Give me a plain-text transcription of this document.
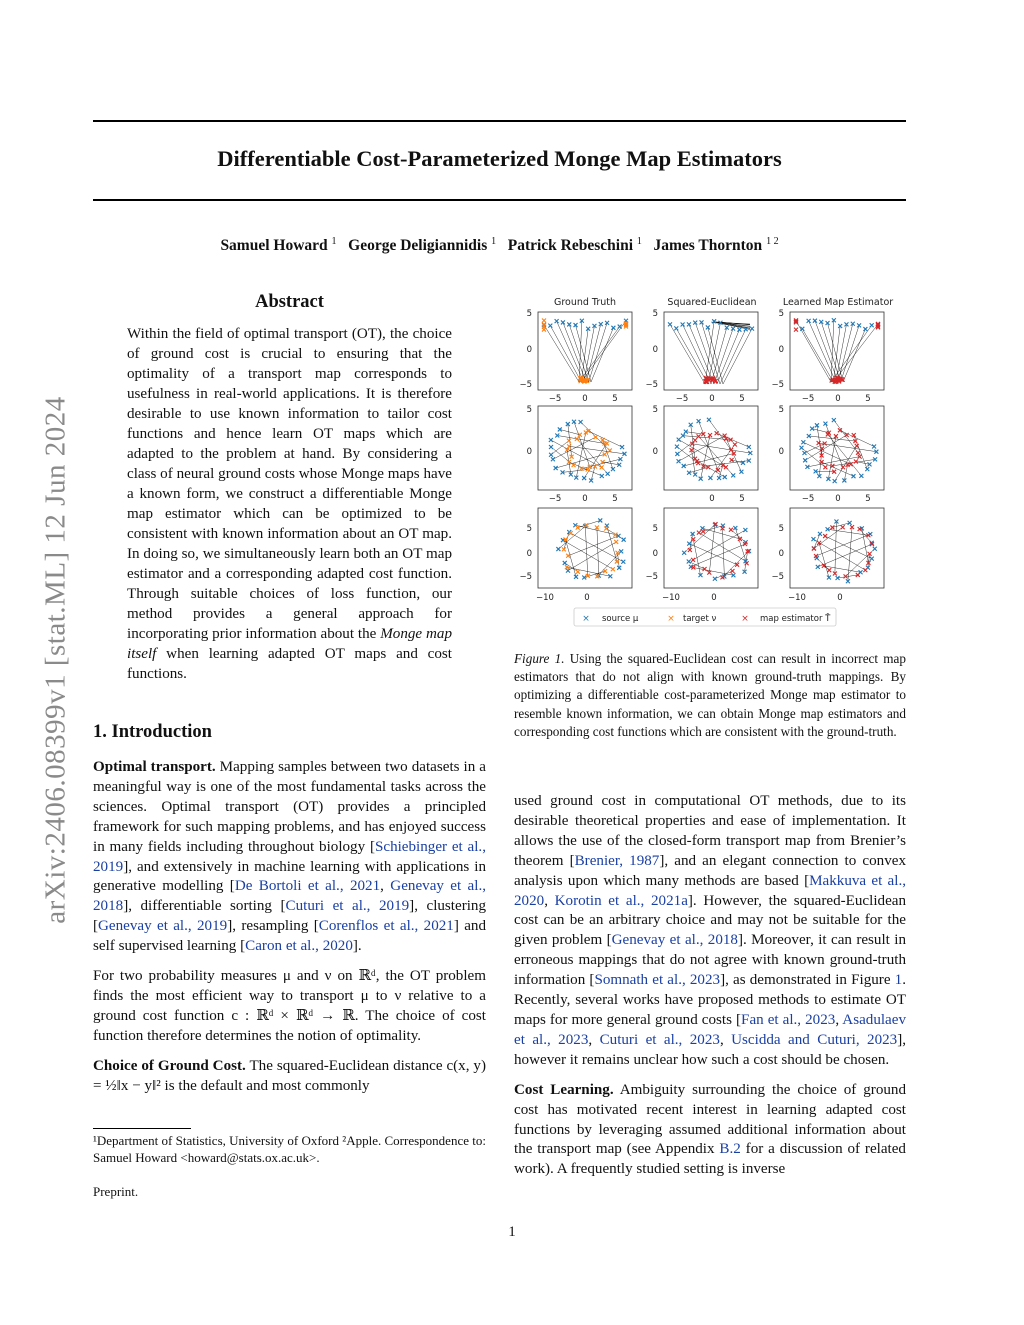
Differentiable Cost-Parameterized Monge Map Estimators
Samuel Howard $^1$ George Deligiannidis $^1$ Patrick Rebeschini $^1$ James Thornton $^{1 2}$
arXiv:2406.08399v1 [stat.ML] 12 Jun 2024
Abstract
Within the field of optimal transport (OT), the choice of ground cost is crucial to ensuring that the optimality of a transport map corresponds to usefulness in real-world applications. It is therefore desirable to use known information to tailor cost functions and hence learn OT maps which are adapted to the problem at hand. By considering a class of neural ground costs whose Monge maps have a known form, we construct a differentiable Monge map estimator which can be optimized to be consistent with known information about an OT map. In doing so, we simultaneously learn both an OT map estimator and a corresponding adapted cost function. Through suitable choices of loss function, our method provides a general approach for incorporating prior information about the Monge map itself when learning adapted OT maps and cost functions.
1. Introduction

Optimal transport. Mapping samples between two datasets in a meaningful way is one of the most fundamental tasks across the sciences. Optimal transport (OT) provides a principled framework for such mapping problems, and has enjoyed success in many fields including throughout biology [Schiebinger et al., 2019], and extensively in machine learning with applications in generative modelling [De Bortoli et al., 2021, Genevay et al., 2018], differentiable sorting [Cuturi et al., 2019], clustering [Genevay et al., 2019], resampling [Corenflos et al., 2021] and self supervised learning [Caron et al., 2020].

For two probability measures μ and ν on ℝᵈ, the OT problem finds the most efficient way to transport μ to ν relative to a ground cost function c : ℝᵈ × ℝᵈ → ℝ. The choice of cost function therefore determines the notion of optimality.

Choice of Ground Cost. The squared-Euclidean distance c(x, y) = ½‖x − y‖² is the default and most commonly

¹Department of Statistics, University of Oxford ²Apple. Correspondence to: Samuel Howard <howard@stats.ox.ac.uk>.
Preprint.
Ground Truth	Squared-Euclidean	Learned Map Estimator
5
0
−5
5
0
−5
5
0
−5
−5 0	5	−5 0	5	−5 0	5
5
0
5
0
5
0
−5 0	5	0	5	−5 0	5
5
0
−5
5
0
−5
5
0
−5
−10	0	−10	0	−10	0
× source μ	× target ν	× map estimator T̂
Figure 1. Using the squared-Euclidean cost can result in incorrect map estimators that do not align with known ground-truth mappings. By optimizing a differentiable cost-parameterized Monge map estimator to resemble known information, we can obtain Monge map estimators and corresponding cost functions which are consistent with the ground-truth.

used ground cost in computational OT methods, due to its desirable theoretical properties and ease of implementation. It allows the use of the closed-form transport map from Brenier’s theorem [Brenier, 1987], and an elegant connection to convex analysis upon which many methods are based [Makkuva et al., 2020, Korotin et al., 2021a]. However, the squared-Euclidean cost can be an arbitrary choice and may not be suitable for the given problem [Genevay et al., 2018]. Moreover, it can result in erroneous mappings that do not agree with known ground-truth information [Somnath et al., 2023], as demonstrated in Figure 1. Recently, several works have proposed methods to estimate OT maps for more general ground costs [Fan et al., 2023, Asadulaev et al., 2023, Cuturi et al., 2023, Uscidda and Cuturi, 2023], however it remains unclear how such a cost should be chosen.

Cost Learning. Ambiguity surrounding the choice of ground cost has motivated recent interest in learning adapted cost functions by leveraging assumed additional information about the transport map (see Appendix B.2 for a discussion of related work). A frequently studied setting is inverse

1
